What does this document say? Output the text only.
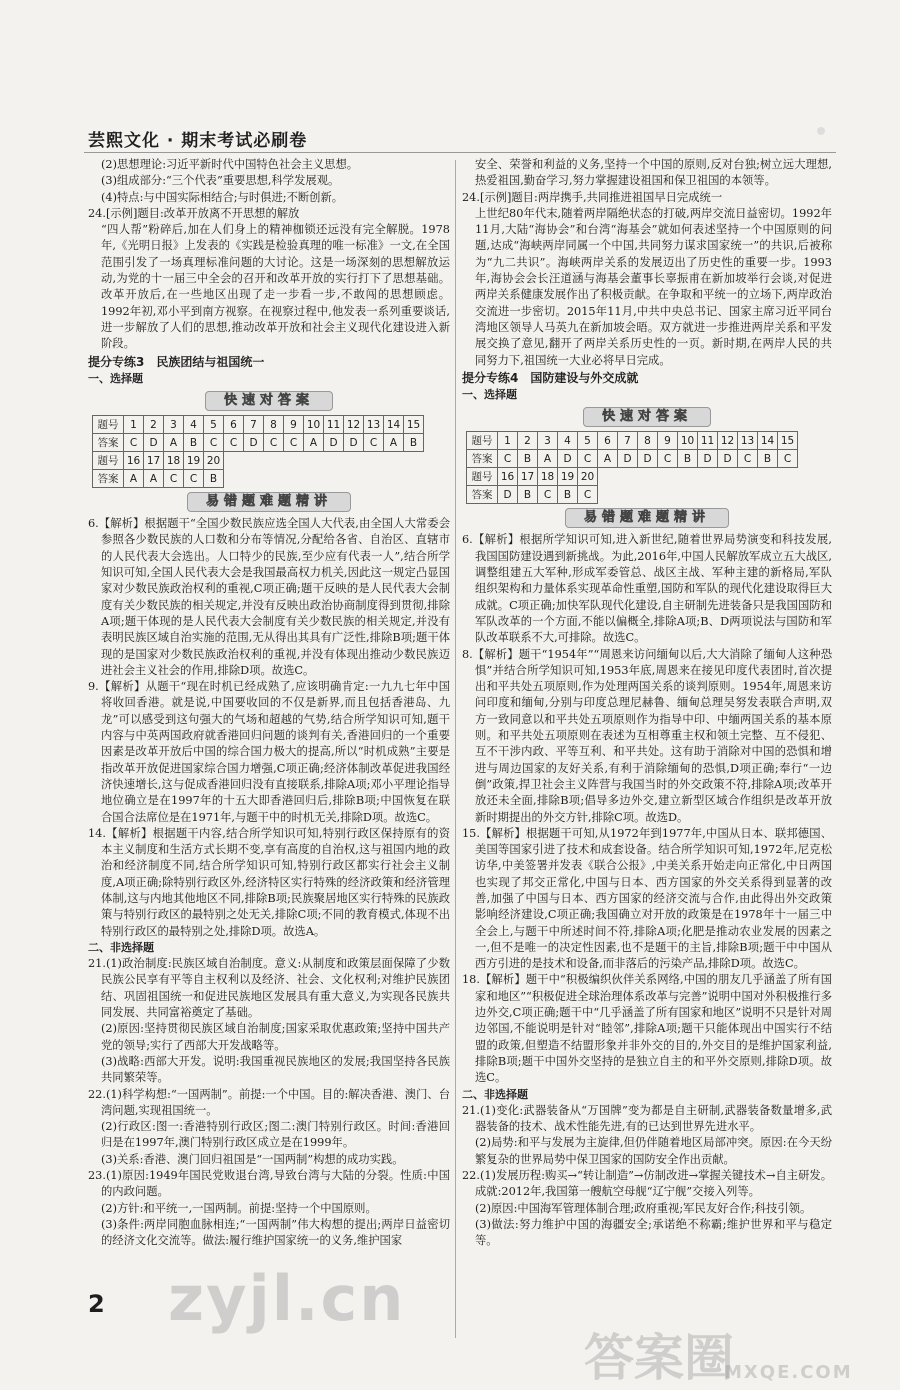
芸熙文化 · 期末考试必刷卷

(2)思想理论:习近平新时代中国特色社会主义思想。

(3)组成部分:“三个代表”重要思想,科学发展观。

(4)特点:与中国实际相结合;与时俱进;不断创新。

24.[示例]题目:改革开放离不开思想的解放

“四人帮”粉碎后,加在人们身上的精神枷锁还远没有完全解脱。1978年,《光明日报》上发表的《实践是检验真理的唯一标准》一文,在全国范围引发了一场真理标准问题的大讨论。这是一场深刻的思想解放运动,为党的十一届三中全会的召开和改革开放的实行打下了思想基础。改革开放后,在一些地区出现了走一步看一步,不敢闯的思想顾虑。1992年初,邓小平到南方视察。在视察过程中,他发表一系列重要谈话,进一步解放了人们的思想,推动改革开放和社会主义现代化建设进入新阶段。

提分专练3　民族团结与祖国统一

一、选择题

快速对答案
题号	1	2	3	4	5	6	7	8	9	10	11	12	13	14	15
答案	C	D	A	B	C	C	D	C	C	A	D	D	C	A	B
题号	16	17	18	19	20										
答案	A	A	C	C	B										
易错题难题精讲

6.【解析】根据题干“全国少数民族应选全国人大代表,由全国人大常委会参照各少数民族的人口数和分布等情况,分配给各省、自治区、直辖市的人民代表大会选出。人口特少的民族,至少应有代表一人”,结合所学知识可知,全国人民代表大会是我国最高权力机关,因此这一规定凸显国家对少数民族政治权利的重视,C项正确;题干反映的是人民代表大会制度有关少数民族的相关规定,并没有反映出政治协商制度得到贯彻,排除A项;题干体现的是人民代表大会制度有关少数民族的相关规定,并没有表明民族区域自治实施的范围,无从得出其具有广泛性,排除B项;题干体现的是国家对少数民族政治权利的重视,并没有体现出推动少数民族迈进社会主义社会的作用,排除D项。故选C。

9.【解析】从题干“现在时机已经成熟了,应该明确肯定:一九九七年中国将收回香港。就是说,中国要收回的不仅是新界,而且包括香港岛、九龙”可以感受到这句强大的气场和超越的气势,结合所学知识可知,题干内容与中英两国政府就香港回归问题的谈判有关,香港回归的一个重要因素是改革开放后中国的综合国力极大的提高,所以“时机成熟”主要是指改革开放促进国家综合国力增强,C项正确;经济体制改革促进我国经济快速增长,这与促成香港回归没有直接联系,排除A项;邓小平理论指导地位确立是在1997年的十五大即香港回归后,排除B项;中国恢复在联合国合法席位是在1971年,与题干中的时机无关,排除D项。故选C。

14.【解析】根据题干内容,结合所学知识可知,特别行政区保持原有的资本主义制度和生活方式长期不变,享有高度的自治权,这与祖国内地的政治和经济制度不同,结合所学知识可知,特别行政区都实行社会主义制度,A项正确;除特别行政区外,经济特区实行特殊的经济政策和经济管理体制,这与内地其他地区不同,排除B项;民族聚居地区实行特殊的民族政策与特别行政区的最特别之处无关,排除C项;不同的教育模式,体现不出特别行政区的最特别之处,排除D项。故选A。

二、非选择题

21.(1)政治制度:民族区域自治制度。意义:从制度和政策层面保障了少数民族公民享有平等自主权利以及经济、社会、文化权利;对维护民族团结、巩固祖国统一和促进民族地区发展具有重大意义,为实现各民族共同发展、共同富裕奠定了基础。

(2)原因:坚持贯彻民族区域自治制度;国家采取优惠政策;坚持中国共产党的领导;实行了西部大开发战略等。

(3)战略:西部大开发。说明:我国重视民族地区的发展;我国坚持各民族共同繁荣等。

22.(1)科学构想:“一国两制”。前提:一个中国。目的:解决香港、澳门、台湾问题,实现祖国统一。

(2)行政区:图一:香港特别行政区;图二:澳门特别行政区。时间:香港回归是在1997年,澳门特别行政区成立是在1999年。

(3)关系:香港、澳门回归祖国是“一国两制”构想的成功实践。

23.(1)原因:1949年国民党败退台湾,导致台湾与大陆的分裂。性质:中国的内政问题。

(2)方针:和平统一,一国两制。前提:坚持一个中国原则。

(3)条件:两岸同胞血脉相连;“一国两制”伟大构想的提出;两岸日益密切的经济文化交流等。做法:履行维护国家统一的义务,维护国家

安全、荣誉和利益的义务,坚持一个中国的原则,反对台独;树立远大理想,热爱祖国,勤奋学习,努力掌握建设祖国和保卫祖国的本领等。

24.[示例]题目:两岸携手,共同推进祖国早日完成统一

上世纪80年代末,随着两岸隔绝状态的打破,两岸交流日益密切。1992年11月,大陆“海协会”和台湾“海基会”就如何表述坚持一个中国原则的问题,达成“海峡两岸同属一个中国,共同努力谋求国家统一”的共识,后被称为“九二共识”。海峡两岸关系的发展迈出了历史性的重要一步。1993年,海协会会长汪道涵与海基会董事长辜振甫在新加坡举行会谈,对促进两岸关系健康发展作出了积极贡献。在争取和平统一的立场下,两岸政治交流进一步密切。2015年11月,中共中央总书记、国家主席习近平同台湾地区领导人马英九在新加坡会晤。双方就进一步推进两岸关系和平发展交换了意见,翻开了两岸关系历史性的一页。新时期,在两岸人民的共同努力下,祖国统一大业必将早日完成。

提分专练4　国防建设与外交成就

一、选择题

快速对答案
题号	1	2	3	4	5	6	7	8	9	10	11	12	13	14	15
答案	C	B	A	D	C	A	D	D	C	B	D	D	C	B	C
题号	16	17	18	19	20										
答案	D	B	C	B	C										
易错题难题精讲

6.【解析】根据所学知识可知,进入新世纪,随着世界局势演变和科技发展,我国国防建设遇到新挑战。为此,2016年,中国人民解放军成立五大战区,调整组建五大军种,形成军委管总、战区主战、军种主建的新格局,军队组织架构和力量体系实现革命性重塑,国防和军队的现代化建设取得巨大成就。C项正确;加快军队现代化建设,自主研制先进装备只是我国国防和军队改革的一个方面,不能以偏概全,排除A项;B、D两项说法与国防和军队改革联系不大,可排除。故选C。

8.【解析】题干“1954年”“周恩来访问缅甸以后,大大消除了缅甸人这种恐惧”并结合所学知识可知,1953年底,周恩来在接见印度代表团时,首次提出和平共处五项原则,作为处理两国关系的谈判原则。1954年,周恩来访问印度和缅甸,分别与印度总理尼赫鲁、缅甸总理吴努发表联合声明,双方一致同意以和平共处五项原则作为指导中印、中缅两国关系的基本原则。和平共处五项原则在表述为互相尊重主权和领土完整、互不侵犯、互不干涉内政、平等互利、和平共处。这有助于消除对中国的恐惧和增进与周边国家的友好关系,有利于消除缅甸的恐惧,D项正确;奉行“一边倒”政策,捍卫社会主义阵营与我国当时的外交政策不符,排除A项;改革开放还未全面,排除B项;倡导多边外交,建立新型区域合作组织是改革开放新时期提出的外交方针,排除C项。故选D。

15.【解析】根据题干可知,从1972年到1977年,中国从日本、联邦德国、美国等国家引进了技术和成套设备。结合所学知识可知,1972年,尼克松访华,中美签署并发表《联合公报》,中美关系开始走向正常化,中日两国也实现了邦交正常化,中国与日本、西方国家的外交关系得到显著的改善,加强了中国与日本、西方国家的经济交流与合作,由此得出外交政策影响经济建设,C项正确;我国确立对开放的政策是在1978年十一届三中全会上,与题干中所述时间不符,排除A项;化肥是推动农业发展的因素之一,但不是唯一的决定性因素,也不是题干的主旨,排除B项;题干中中国从西方引进的是技术和设备,而非落后的污染产品,排除D项。故选C。

18.【解析】题干中“积极编织伙伴关系网络,中国的朋友几乎涵盖了所有国家和地区”“积极促进全球治理体系改革与完善”说明中国对外积极推行多边外交,C项正确;题干中“几乎涵盖了所有国家和地区”说明不只是针对周边邻国,不能说明是针对“睦邻”,排除A项;题干只能体现出中国实行不结盟的政策,但塑造不结盟形象并非外交的目的,外交目的是维护国家利益,排除B项;题干中国外交坚持的是独立自主的和平外交原则,排除D项。故选C。

二、非选择题

21.(1)变化:武器装备从“万国牌”变为都是自主研制,武器装备数量增多,武器装备的技术、战术性能先进,有的已达到世界先进水平。

(2)局势:和平与发展为主旋律,但仍伴随着地区局部冲突。原因:在今天纷繁复杂的世界局势中保卫国家的国防安全作出贡献。

22.(1)发展历程:购买→“转让制造”→仿制改进→掌握关键技术→自主研发。成就:2012年,我国第一艘航空母舰“辽宁舰”交接入列等。

(2)原因:中国海军管理体制合理;政府重视;军民友好合作;科技引领。

(3)做法:努力维护中国的海疆安全;承诺绝不称霸;维护世界和平与稳定等。

2 zyjl.cn
答案圈
MXQE.COM
